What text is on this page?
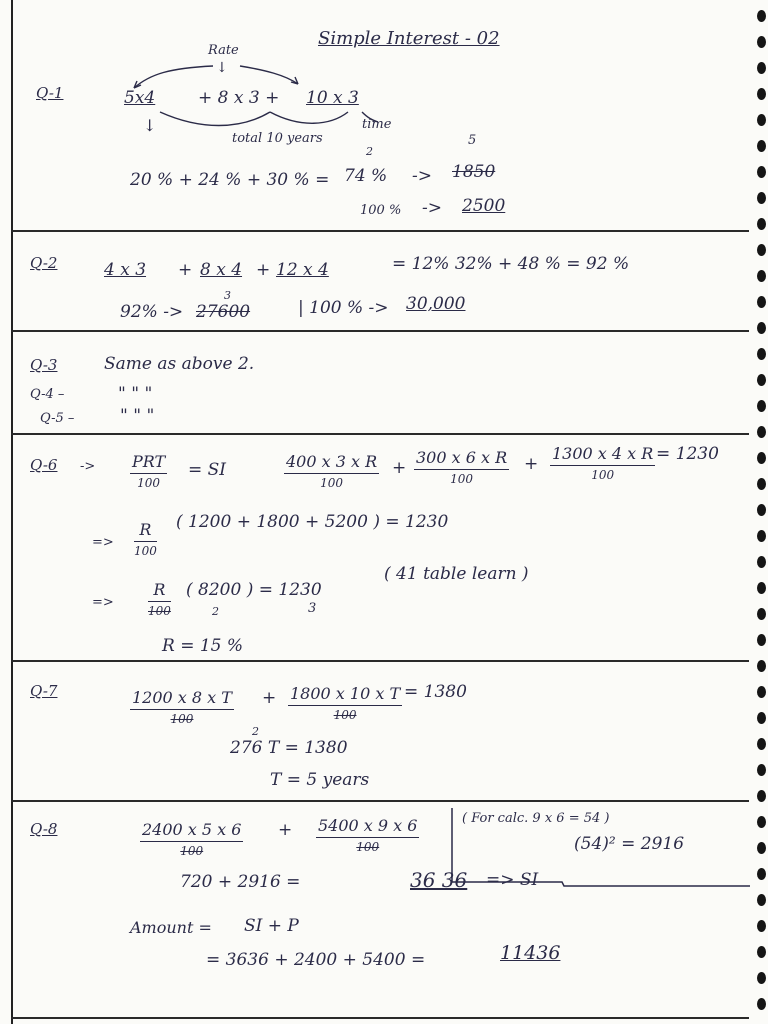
Simple Interest - 02
Q-1
Rate
↓
5x4	+ 8 x 3 + 10 x 3
↓	time
total 10 years
2
5
20 % + 24 % + 30 % = 74 % -> 1850
100 % -> 2500
Q-2	4 x 3 + 8 x 4 + 12 x 4	= 12% 32% + 48 % = 92 %
3
92% -> 27600	| 100 % -> 30,000
Q-3	Same as above 2.
Q-4 –	" " "
Q-5 –	" " "
Q-6 -> PRT
100
= SI	400 x 3 x R
100
+
300 x 6 x R
100
+
1300 x 4 x R
100
= 1230
=>
R
100
( 1200 + 1800 + 5200 ) = 1230
=>
R
100
( 8200 ) = 1230
2	3
( 41 table learn )
R = 15 %
Q-7	1200 x 8 x T
100
+ 1800 x 10 x T
100
= 1380
2
276 T = 1380
T = 5 years
Q-8	2400 x 5 x 6
100
+ 5400 x 9 x 6
100
( For calc. 9 x 6 = 54 )
(54)² = 2916
720 + 2916 =	36 36 => SI
Amount = SI + P
= 3636 + 2400 + 5400 =	11436
